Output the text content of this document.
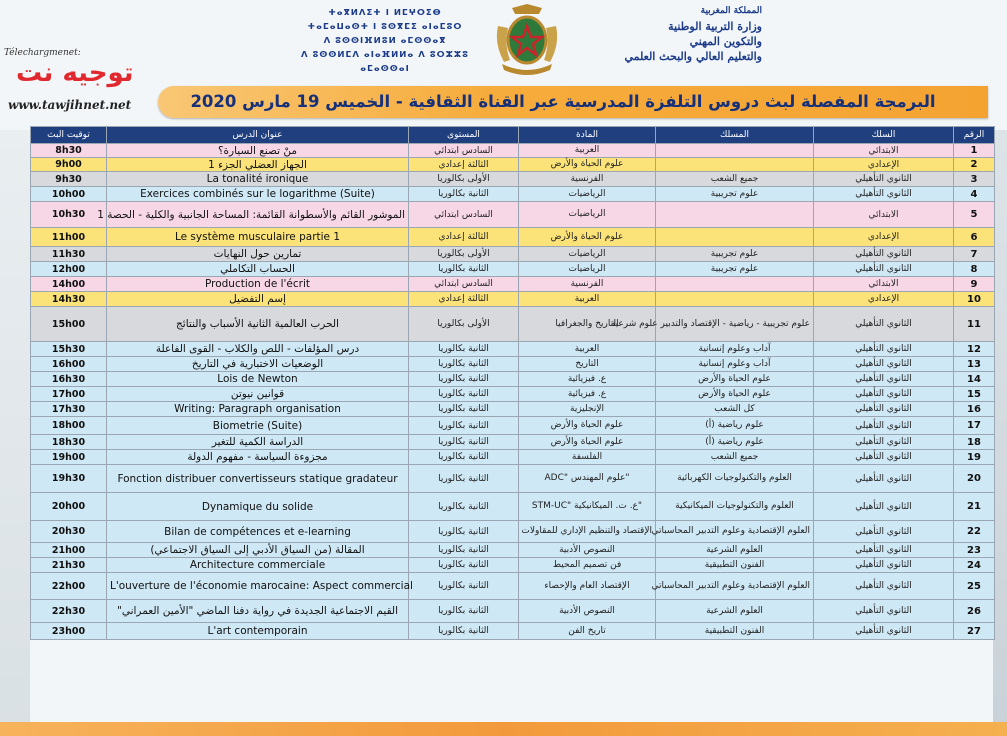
ⵜⴰⴳⵍⴷⵉⵜ ⵏ ⵍⵎⵖⵔⵉⴱ
ⵜⴰⵎⴰⵡⴰⵙⵜ ⵏ ⵓⵙⴳⵎⵉ ⴰⵏⴰⵎⵓⵔ
ⴷ ⵓⵙⵙⵏⴼⵍⵓⵍ ⴰⵎⵙⵙⴰⴳ
ⴷ ⵓⵙⵙⵍⵎⴷ ⴰⵏⴰⴼⵍⵍⴰ ⴷ ⵓⵔⵣⵣⵓ ⴰⵎⴰⵙⵙⴰⵏ
المملكة المغربية
وزارة التربية الوطنية
والتكوين المهني
والتعليم العالي والبحث العلمي
Télechargmenet:
توجيه نت
www.tawjihnet.net	البرمجة المفصلة لبث دروس التلفزة المدرسية عبر القناة الثقافية - الخميس 19 مارس 2020
توقيت البث	عنوان الدرس	المستوى	المادة	المسلك	السلك	الرقم
8h30	منْ تصنع السيارة؟	السادس ابتدائي	العربية		الابتدائي	1
9h00	الجهاز العضلي الجزء 1	الثالثة إعدادي	علوم الحياة والأرض		الإعدادي	2
9h30	La tonalité ironique	الأولى بكالوريا	الفرنسية	جميع الشعب	الثانوي التأهيلي	3
10h00	Exercices combinés sur le logarithme (Suite)	الثانية بكالوريا	الرياضيات	علوم تجريبية	الثانوي التأهيلي	4
10h30	الموشور القائم والأسطوانة القائمة: المساحة الجانبية والكلية - الحصة 1	السادس ابتدائي	الرياضيات		الابتدائي	5
11h00	Le système musculaire partie 1	الثالثة إعدادي	علوم الحياة والأرض		الإعدادي	6
11h30	تمارين حول النهايات	الأولى بكالوريا	الرياضيات	علوم تجريبية	الثانوي التأهيلي	7
12h00	الحساب التكاملي	الثانية بكالوريا	الرياضيات	علوم تجريبية	الثانوي التأهيلي	8
14h00	Production de l'écrit	السادس ابتدائي	الفرنسية		الابتدائي	9
14h30	إسم التفضيل	الثالثة إعدادي	العربية		الإعدادي	10
15h00	الحرب العالمية الثانية الأسباب والنتائج	الأولى بكالوريا	التاريخ والجغرافيا	علوم تجريبية - رياضية - الإقتصاد والتدبير علوم شرعية	الثانوي التأهيلي	11
15h30	درس المؤلفات - اللص والكلاب - القوى الفاعلة	الثانية بكالوريا	العربية	آداب وعلوم إنسانية	الثانوي التأهيلي	12
16h00	الوضعيات الاختبارية في التاريخ	الثانية بكالوريا	التاريخ	آداب وعلوم إنسانية	الثانوي التأهيلي	13
16h30	Lois de Newton	الثانية بكالوريا	ع. فيزيائية	علوم الحياة والأرض	الثانوي التأهيلي	14
17h00	قوانين نيوتن	الثانية بكالوريا	ع. فيزيائية	علوم الحياة والأرض	الثانوي التأهيلي	15
17h30	Writing: Paragraph organisation	الثانية بكالوريا	الإنجليزية	كل الشعب	الثانوي التأهيلي	16
18h00	Biometrie (Suite)	الثانية بكالوريا	علوم الحياة والأرض	علوم رياضية (أ)	الثانوي التأهيلي	17
18h30	الدراسة الكمية للتغير	الثانية بكالوريا	علوم الحياة والأرض	علوم رياضية (أ)	الثانوي التأهيلي	18
19h00	مجزوءة السياسة - مفهوم الدولة	الثانية بكالوريا	الفلسفة	جميع الشعب	الثانوي التأهيلي	19
19h30	Fonction distribuer convertisseurs statique gradateur	الثانية بكالوريا	"علوم المهندس "ADC	العلوم والتكنولوجيات الكهربائية	الثانوي التأهيلي	20
20h00	Dynamique du solide	الثانية بكالوريا	"ع. ت. الميكانيكية "STM-UC	العلوم والتكنولوجيات الميكانيكية	الثانوي التأهيلي	21
20h30	Bilan de compétences et e-learning	الثانية بكالوريا	الإقتصاد والتنظيم الإداري للمقاولات	العلوم الإقتصادية وعلوم التدبير المحاسباتي	الثانوي التأهيلي	22
21h00	المقالة (من السياق الأدبي إلى السياق الاجتماعي)	الثانية بكالوريا	النصوص الأدبية	العلوم الشرعية	الثانوي التأهيلي	23
21h30	Architecture commerciale	الثانية بكالوريا	فن تصميم المحيط	الفنون التطبيقية	الثانوي التأهيلي	24
22h00	L'ouverture de l'économie marocaine: Aspect commercial	الثانية بكالوريا	الإقتصاد العام والإحصاء	العلوم الإقتصادية وعلوم التدبير المحاسباتي	الثانوي التأهيلي	25
22h30	القيم الاجتماعية الجديدة في رواية دفنا الماضي "الأمين العمراني"	الثانية بكالوريا	النصوص الأدبية	العلوم الشرعية	الثانوي التأهيلي	26
23h00	L'art contemporain	الثانية بكالوريا	تاريخ الفن	الفنون التطبيقية	الثانوي التأهيلي	27
